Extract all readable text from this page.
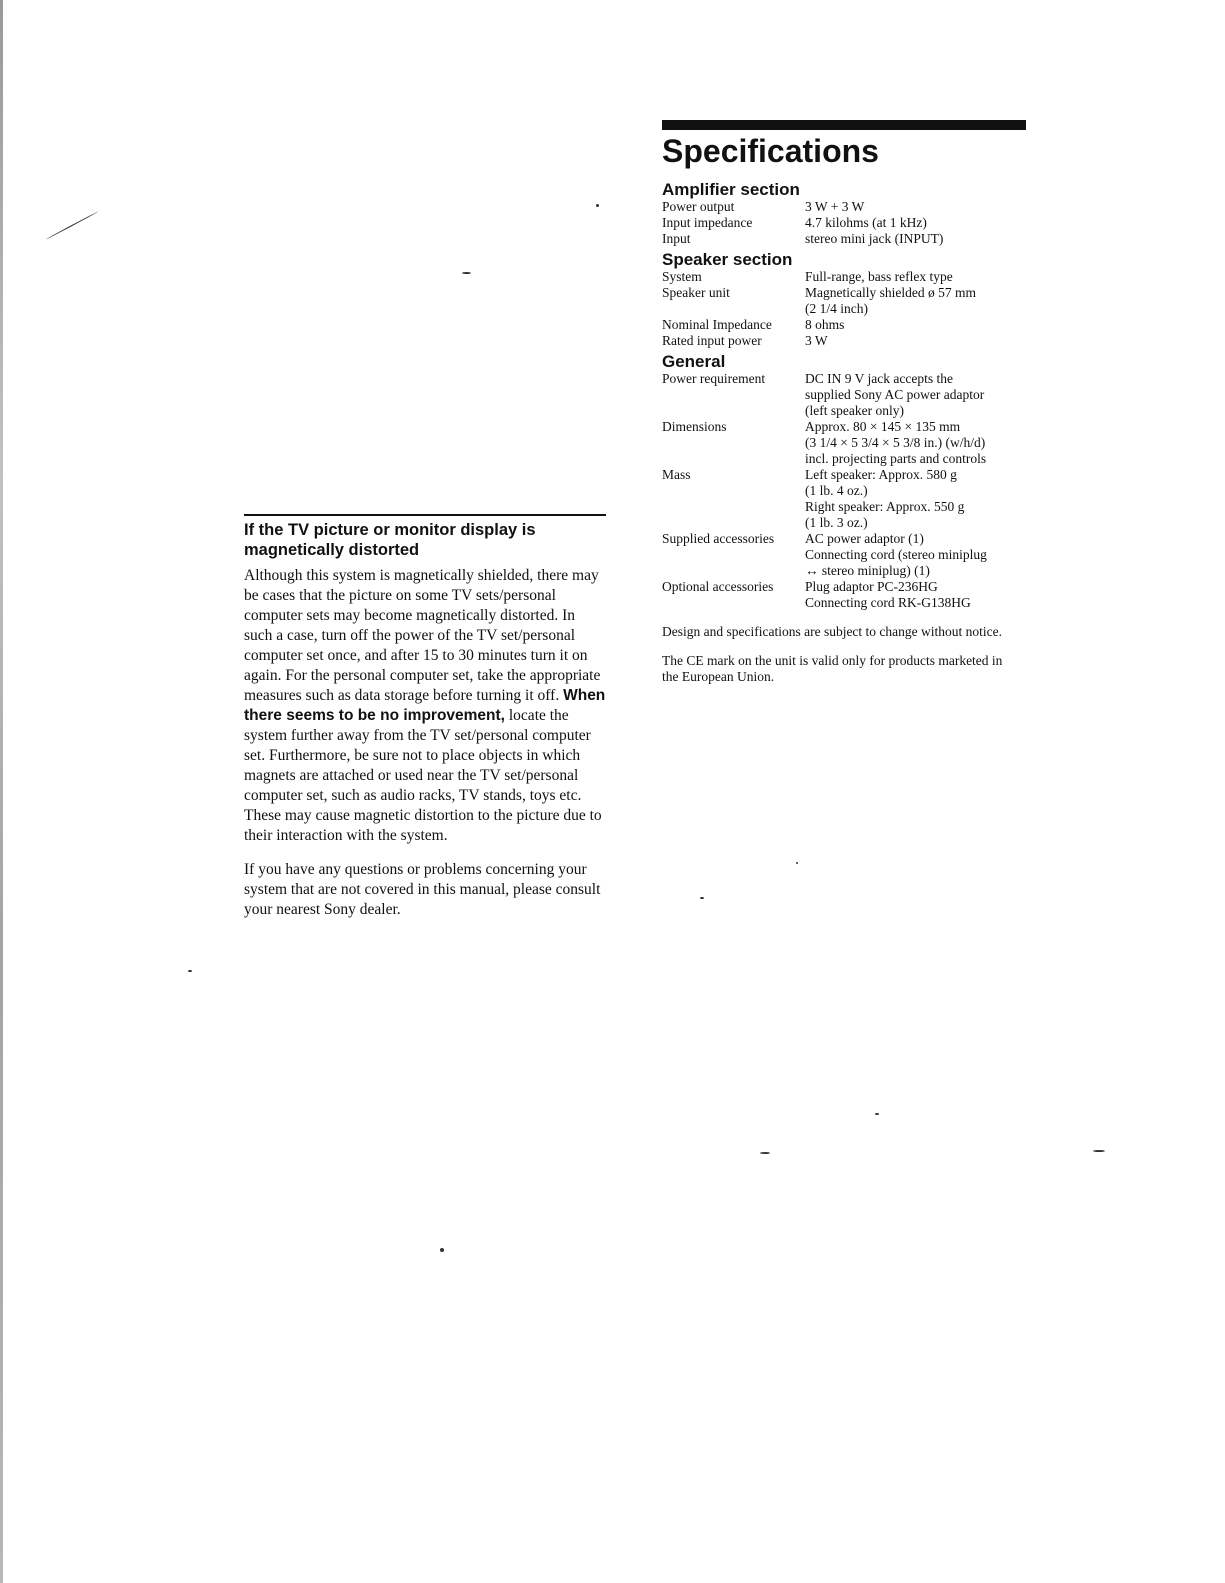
If the TV picture or monitor display is magnetically distorted

Although this system is magnetically shielded, there may be cases that the picture on some TV sets/personal computer sets may become magnetically distorted. In such a case, turn off the power of the TV set/personal computer set once, and after 15 to 30 minutes turn it on again. For the personal computer set, take the appropriate measures such as data storage before turning it off. When there seems to be no improvement, locate the system further away from the TV set/personal computer set. Furthermore, be sure not to place objects in which magnets are attached or used near the TV set/personal computer set, such as audio racks, TV stands, toys etc. These may cause magnetic distortion to the picture due to their interaction with the system.

If you have any questions or problems concerning your system that are not covered in this manual, please consult your nearest Sony dealer.

Specifications
Amplifier section
Power output	3 W + 3 W

Input impedance	4.7 kilohms (at 1 kHz)

Input	stereo mini jack (INPUT)
Speaker section
System	Full-range, bass reflex type

Speaker unit	Magnetically shielded ø 57 mm
(2 1/4 inch)

Nominal Impedance	8 ohms

Rated input power	3 W
General
Power requirement	DC IN 9 V jack accepts the
supplied Sony AC power adaptor
(left speaker only)

Dimensions	Approx. 80 × 145 × 135 mm
(3 1/4 × 5 3/4 × 5 3/8 in.) (w/h/d)
incl. projecting parts and controls

Mass	Left speaker: Approx. 580 g
(1 lb. 4 oz.)
Right speaker: Approx. 550 g
(1 lb. 3 oz.)

Supplied accessories	AC power adaptor (1)
Connecting cord (stereo miniplug
↔ stereo miniplug) (1)

Optional accessories	Plug adaptor PC-236HG
Connecting cord RK-G138HG

Design and specifications are subject to change without notice.

The CE mark on the unit is valid only for products marketed in the European Union.
